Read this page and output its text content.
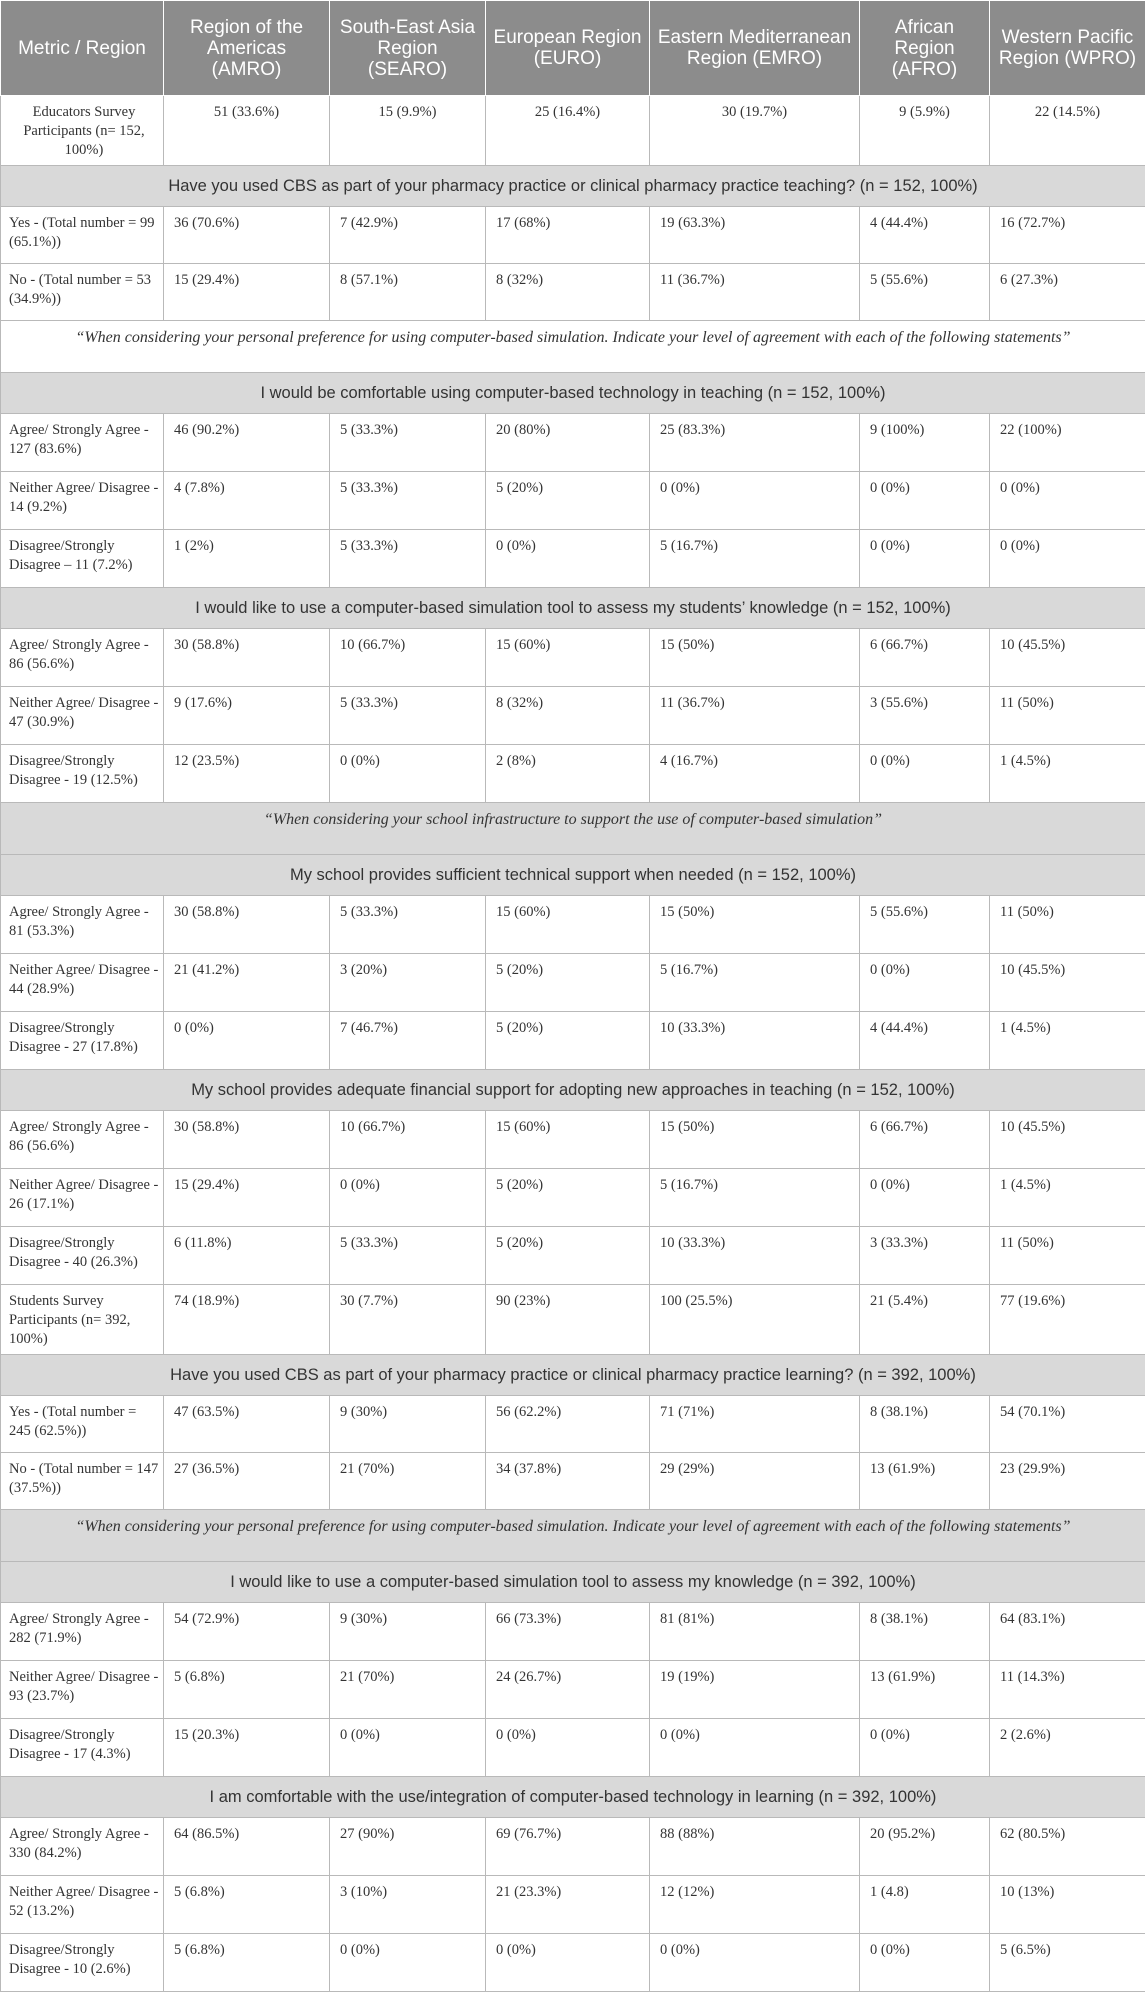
Metric / Region	Region of the Americas (AMRO)	South-East Asia Region (SEARO)	European Region (EURO)	Eastern Mediterranean Region (EMRO)	African Region (AFRO)	Western Pacific Region (WPRO)
Educators Survey Participants (n= 152, 100%)	51 (33.6%)	15 (9.9%)	25 (16.4%)	30 (19.7%)	9 (5.9%)	22 (14.5%)
Have you used CBS as part of your pharmacy practice or clinical pharmacy practice teaching? (n = 152, 100%)						
Yes - (Total number = 99 (65.1%))	36 (70.6%)	7 (42.9%)	17 (68%)	19 (63.3%)	4 (44.4%)	16 (72.7%)
No - (Total number = 53 (34.9%))	15 (29.4%)	8 (57.1%)	8 (32%)	11 (36.7%)	5 (55.6%)	6 (27.3%)
“When considering your personal preference for using computer-based simulation. Indicate your level of agreement with each of the following statements”						
I would be comfortable using computer-based technology in teaching (n = 152, 100%)						
Agree/ Strongly Agree - 127 (83.6%)	46 (90.2%)	5 (33.3%)	20 (80%)	25 (83.3%)	9 (100%)	22 (100%)
Neither Agree/ Disagree - 14 (9.2%)	4 (7.8%)	5 (33.3%)	5 (20%)	0 (0%)	0 (0%)	0 (0%)
Disagree/Strongly Disagree – 11 (7.2%)	1 (2%)	5 (33.3%)	0 (0%)	5 (16.7%)	0 (0%)	0 (0%)
I would like to use a computer-based simulation tool to assess my students’ knowledge (n = 152, 100%)						
Agree/ Strongly Agree - 86 (56.6%)	30 (58.8%)	10 (66.7%)	15 (60%)	15 (50%)	6 (66.7%)	10 (45.5%)
Neither Agree/ Disagree - 47 (30.9%)	9 (17.6%)	5 (33.3%)	8 (32%)	11 (36.7%)	3 (55.6%)	11 (50%)
Disagree/Strongly Disagree - 19 (12.5%)	12 (23.5%)	0 (0%)	2 (8%)	4 (16.7%)	0 (0%)	1 (4.5%)
“When considering your school infrastructure to support the use of computer-based simulation”						
My school provides sufficient technical support when needed (n = 152, 100%)						
Agree/ Strongly Agree - 81 (53.3%)	30 (58.8%)	5 (33.3%)	15 (60%)	15 (50%)	5 (55.6%)	11 (50%)
Neither Agree/ Disagree - 44 (28.9%)	21 (41.2%)	3 (20%)	5 (20%)	5 (16.7%)	0 (0%)	10 (45.5%)
Disagree/Strongly Disagree - 27 (17.8%)	0 (0%)	7 (46.7%)	5 (20%)	10 (33.3%)	4 (44.4%)	1 (4.5%)
My school provides adequate financial support for adopting new approaches in teaching (n = 152, 100%)						
Agree/ Strongly Agree - 86 (56.6%)	30 (58.8%)	10 (66.7%)	15 (60%)	15 (50%)	6 (66.7%)	10 (45.5%)
Neither Agree/ Disagree - 26 (17.1%)	15 (29.4%)	0 (0%)	5 (20%)	5 (16.7%)	0 (0%)	1 (4.5%)
Disagree/Strongly Disagree - 40 (26.3%)	6 (11.8%)	5 (33.3%)	5 (20%)	10 (33.3%)	3 (33.3%)	11 (50%)
Students Survey Participants (n= 392, 100%)	74 (18.9%)	30 (7.7%)	90 (23%)	100 (25.5%)	21 (5.4%)	77 (19.6%)
Have you used CBS as part of your pharmacy practice or clinical pharmacy practice learning? (n = 392, 100%)						
Yes - (Total number = 245 (62.5%))	47 (63.5%)	9 (30%)	56 (62.2%)	71 (71%)	8 (38.1%)	54 (70.1%)
No - (Total number = 147 (37.5%))	27 (36.5%)	21 (70%)	34 (37.8%)	29 (29%)	13 (61.9%)	23 (29.9%)
“When considering your personal preference for using computer-based simulation. Indicate your level of agreement with each of the following statements”						
I would like to use a computer-based simulation tool to assess my knowledge (n = 392, 100%)						
Agree/ Strongly Agree - 282 (71.9%)	54 (72.9%)	9 (30%)	66 (73.3%)	81 (81%)	8 (38.1%)	64 (83.1%)
Neither Agree/ Disagree - 93 (23.7%)	5 (6.8%)	21 (70%)	24 (26.7%)	19 (19%)	13 (61.9%)	11 (14.3%)
Disagree/Strongly Disagree - 17 (4.3%)	15 (20.3%)	0 (0%)	0 (0%)	0 (0%)	0 (0%)	2 (2.6%)
I am comfortable with the use/integration of computer-based technology in learning (n = 392, 100%)						
Agree/ Strongly Agree - 330 (84.2%)	64 (86.5%)	27 (90%)	69 (76.7%)	88 (88%)	20 (95.2%)	62 (80.5%)
Neither Agree/ Disagree - 52 (13.2%)	5 (6.8%)	3 (10%)	21 (23.3%)	12 (12%)	1 (4.8)	10 (13%)
Disagree/Strongly Disagree - 10 (2.6%)	5 (6.8%)	0 (0%)	0 (0%)	0 (0%)	0 (0%)	5 (6.5%)
